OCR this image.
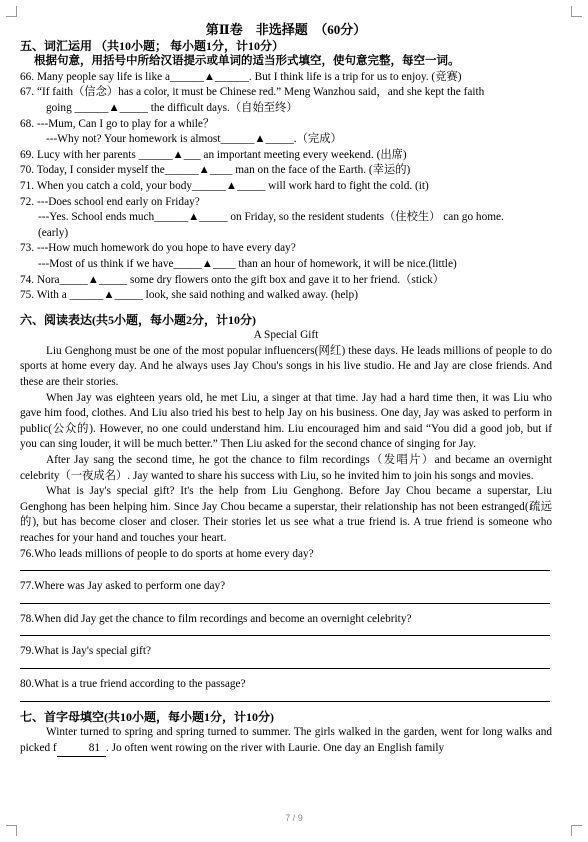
第Ⅱ卷　非选择题　（60分）
五、词汇运用 （共10小题； 每小题1分，计10分）
根据句意，用括号中所给汉语提示或单词的适当形式填空，使句意完整，每空一词。
66. Many people say life is like a______▲______. But I think life is a trip for us to enjoy. (竞赛)
67. “If faith（信念）has a color, it must be Chinese red.” Meng Wanzhou said，and she kept the faith
going ______▲_____ the difficult days.（自始至终）
68. ---Mum, Can I go to play for a while？
---Why not? Your homework is almost______▲_____.（完成）
69. Lucy with her parents ______▲___ an important meeting every weekend. (出席)
70. Today, I consider myself the______▲____ man on the face of the Earth. (幸运的)
71. When you catch a cold, your body______▲_____ will work hard to fight the cold. (it)
72. ---Does school end early on Friday?
---Yes. School ends much______▲_____ on Friday, so the resident students（住校生） can go home.
(early)
73. ---How much homework do you hope to have every day?
---Most of us think if we have_____▲____ than an hour of homework, it will be nice.(little)
74. Nora_____▲_____ some dry flowers onto the gift box and gave it to her friend.（stick）
75. With a ______▲_____ look, she said nothing and walked away. (help)
六、阅读表达(共5小题，每小题2分，计10分)
A Special Gift
Liu Genghong must be one of the most popular influencers(网红) these days. He leads millions of people to do sports at home every day. And he always uses Jay Chou's songs in his live studio. He and Jay are close friends. And these are their stories.
When Jay was eighteen years old, he met Liu, a singer at that time. Jay had a hard time then, it was Liu who gave him food, clothes. And Liu also tried his best to help Jay on his business. One day, Jay was asked to perform in public(公众的). However, no one could understand him. Liu encouraged him and said “You did a good job, but if you can sing louder, it will be much better.” Then Liu asked for the second chance of singing for Jay.
After Jay sang the second time, he got the chance to film recordings（发唱片）and became an overnight celebrity（一夜成名）. Jay wanted to share his success with Liu, so he invited him to join his songs and movies.
What is Jay's special gift? It's the help from Liu Genghong. Before Jay Chou became a superstar, Liu Genghong has been helping him. Since Jay Chou became a superstar, their relationship has not been estranged(疏远的), but has become closer and closer. Their stories let us see what a true friend is. A true friend is someone who reaches for your hand and touches your heart.
76.Who leads millions of people to do sports at home every day?
77.Where was Jay asked to perform one day?
78.When did Jay get the chance to film recordings and become an overnight celebrity?
79.What is Jay's special gift?
80.What is a true friend according to the passage?
七、首字母填空(共10小题，每小题1分，计10分)
Winter turned to spring and spring turned to summer. The girls walked in the garden, went for long walks and picked f	81 . Jo often went rowing on the river with Laurie. One day an English family
7 / 9
